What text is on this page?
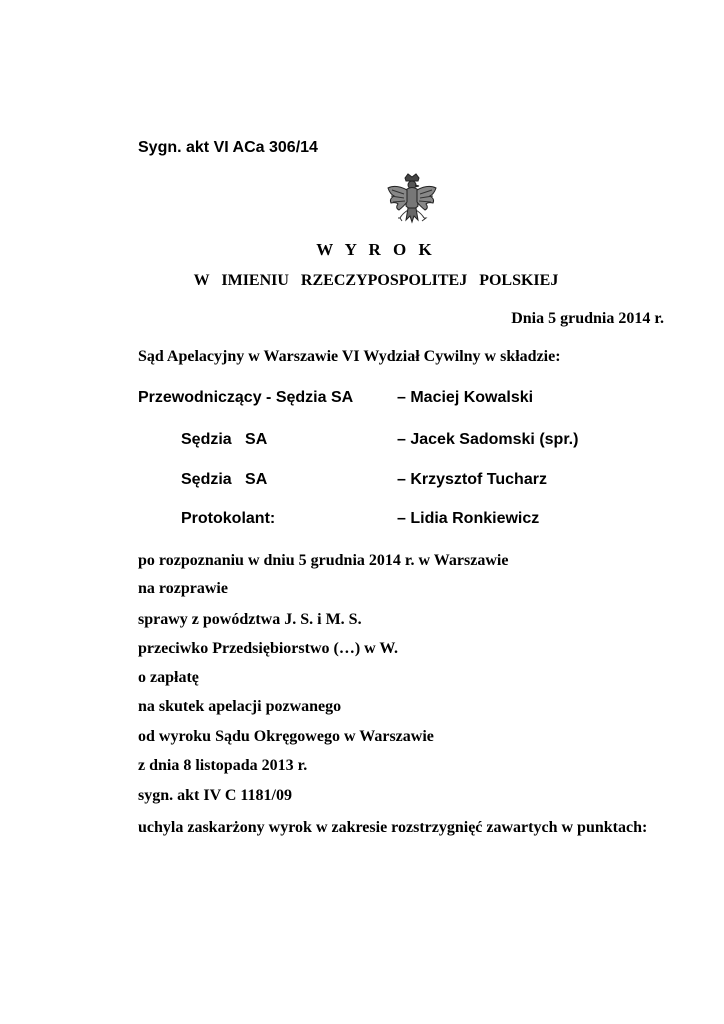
Sygn. akt VI ACa 306/14
W Y R O K
W  IMIENIU  RZECZYPOSPOLITEJ  POLSKIEJ
Dnia 5 grudnia 2014 r.
Sąd Apelacyjny w Warszawie VI Wydział Cywilny w składzie:
Przewodniczący - Sędzia SA	– Maciej Kowalski
Sędzia   SA	– Jacek Sadomski (spr.)
Sędzia   SA	– Krzysztof Tucharz
Protokolant:	– Lidia Ronkiewicz
po rozpoznaniu w dniu 5 grudnia 2014 r. w Warszawie
na rozprawie
sprawy z powództwa J. S. i M. S.
przeciwko Przedsiębiorstwo (…) w W.
o zapłatę
na skutek apelacji pozwanego
od wyroku Sądu Okręgowego w Warszawie
z dnia 8 listopada 2013 r.
sygn. akt IV C 1181/09
uchyla zaskarżony wyrok w zakresie rozstrzygnięć zawartych w punktach:
